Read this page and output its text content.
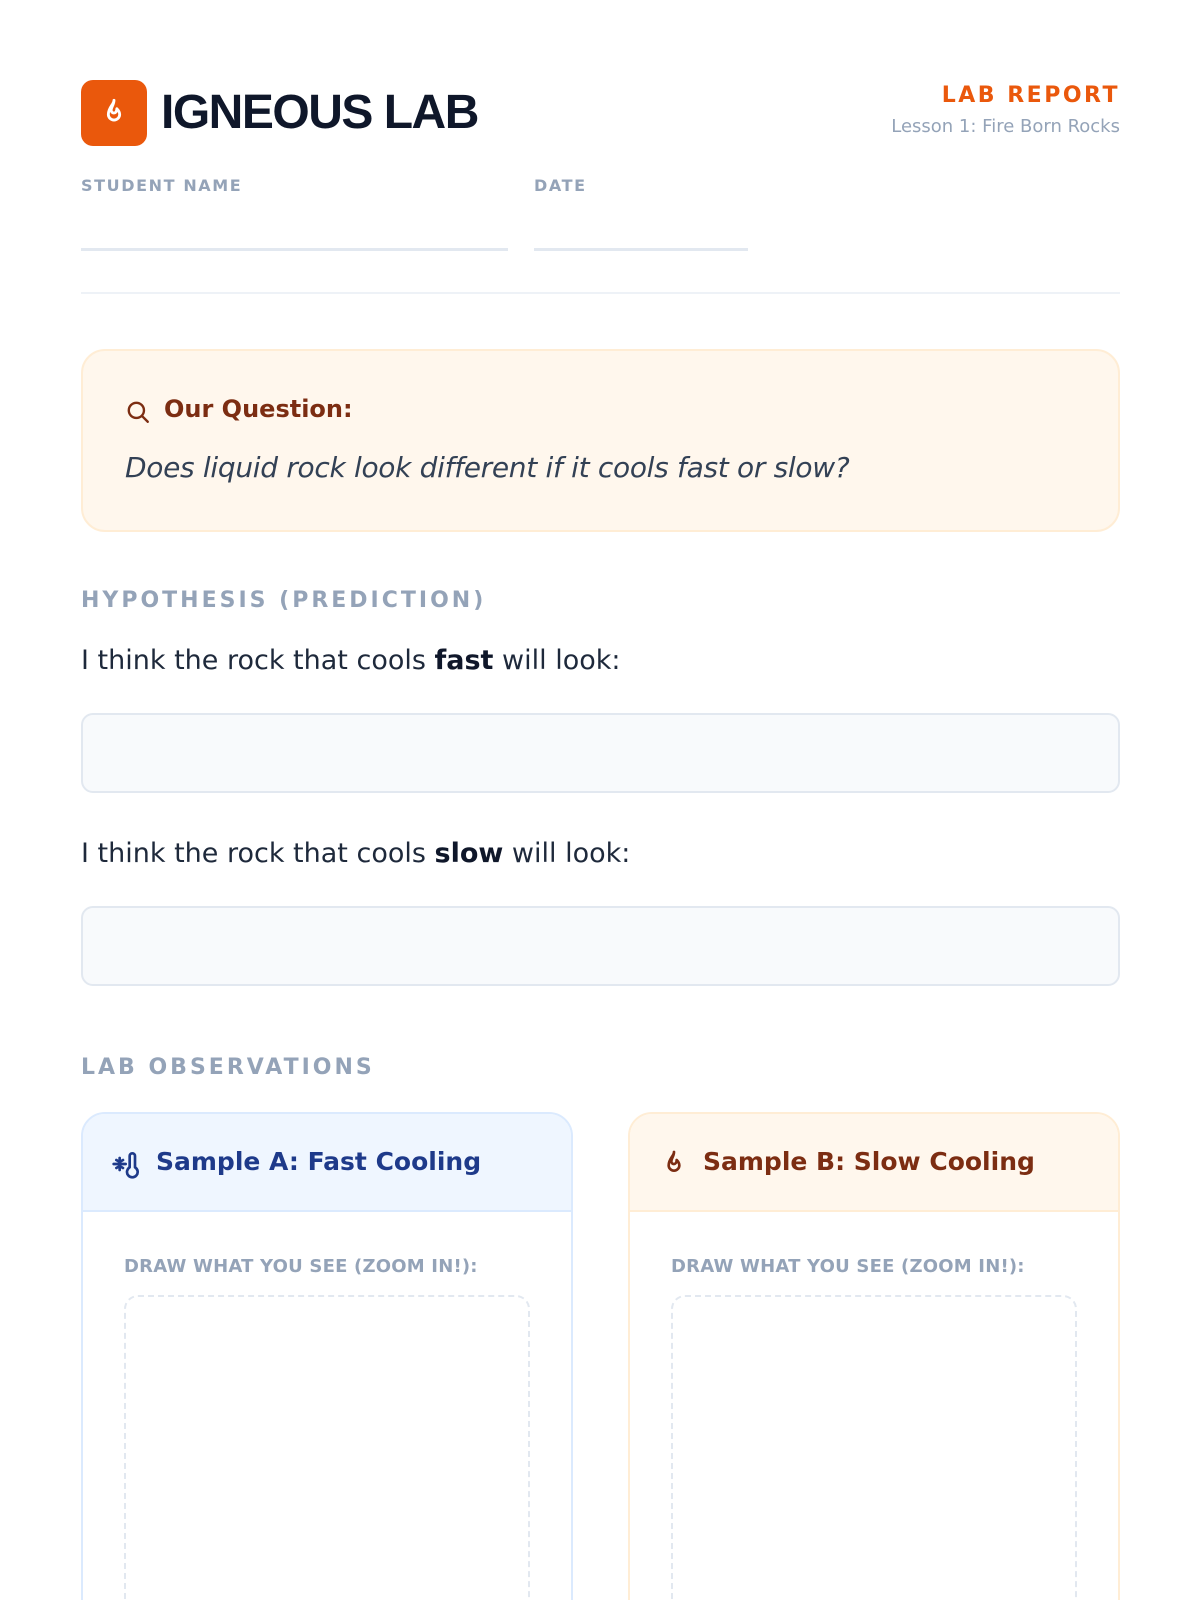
IGNEOUS LAB	LAB REPORT
Lesson 1: Fire Born Rocks
STUDENT NAME	DATE
Our Question:
Does liquid rock look different if it cools fast or slow?
HYPOTHESIS (PREDICTION)
I think the rock that cools fast will look:
I think the rock that cools slow will look:
LAB OBSERVATIONS
Sample A: Fast Cooling
DRAW WHAT YOU SEE (ZOOM IN!):
Sample B: Slow Cooling
DRAW WHAT YOU SEE (ZOOM IN!):
